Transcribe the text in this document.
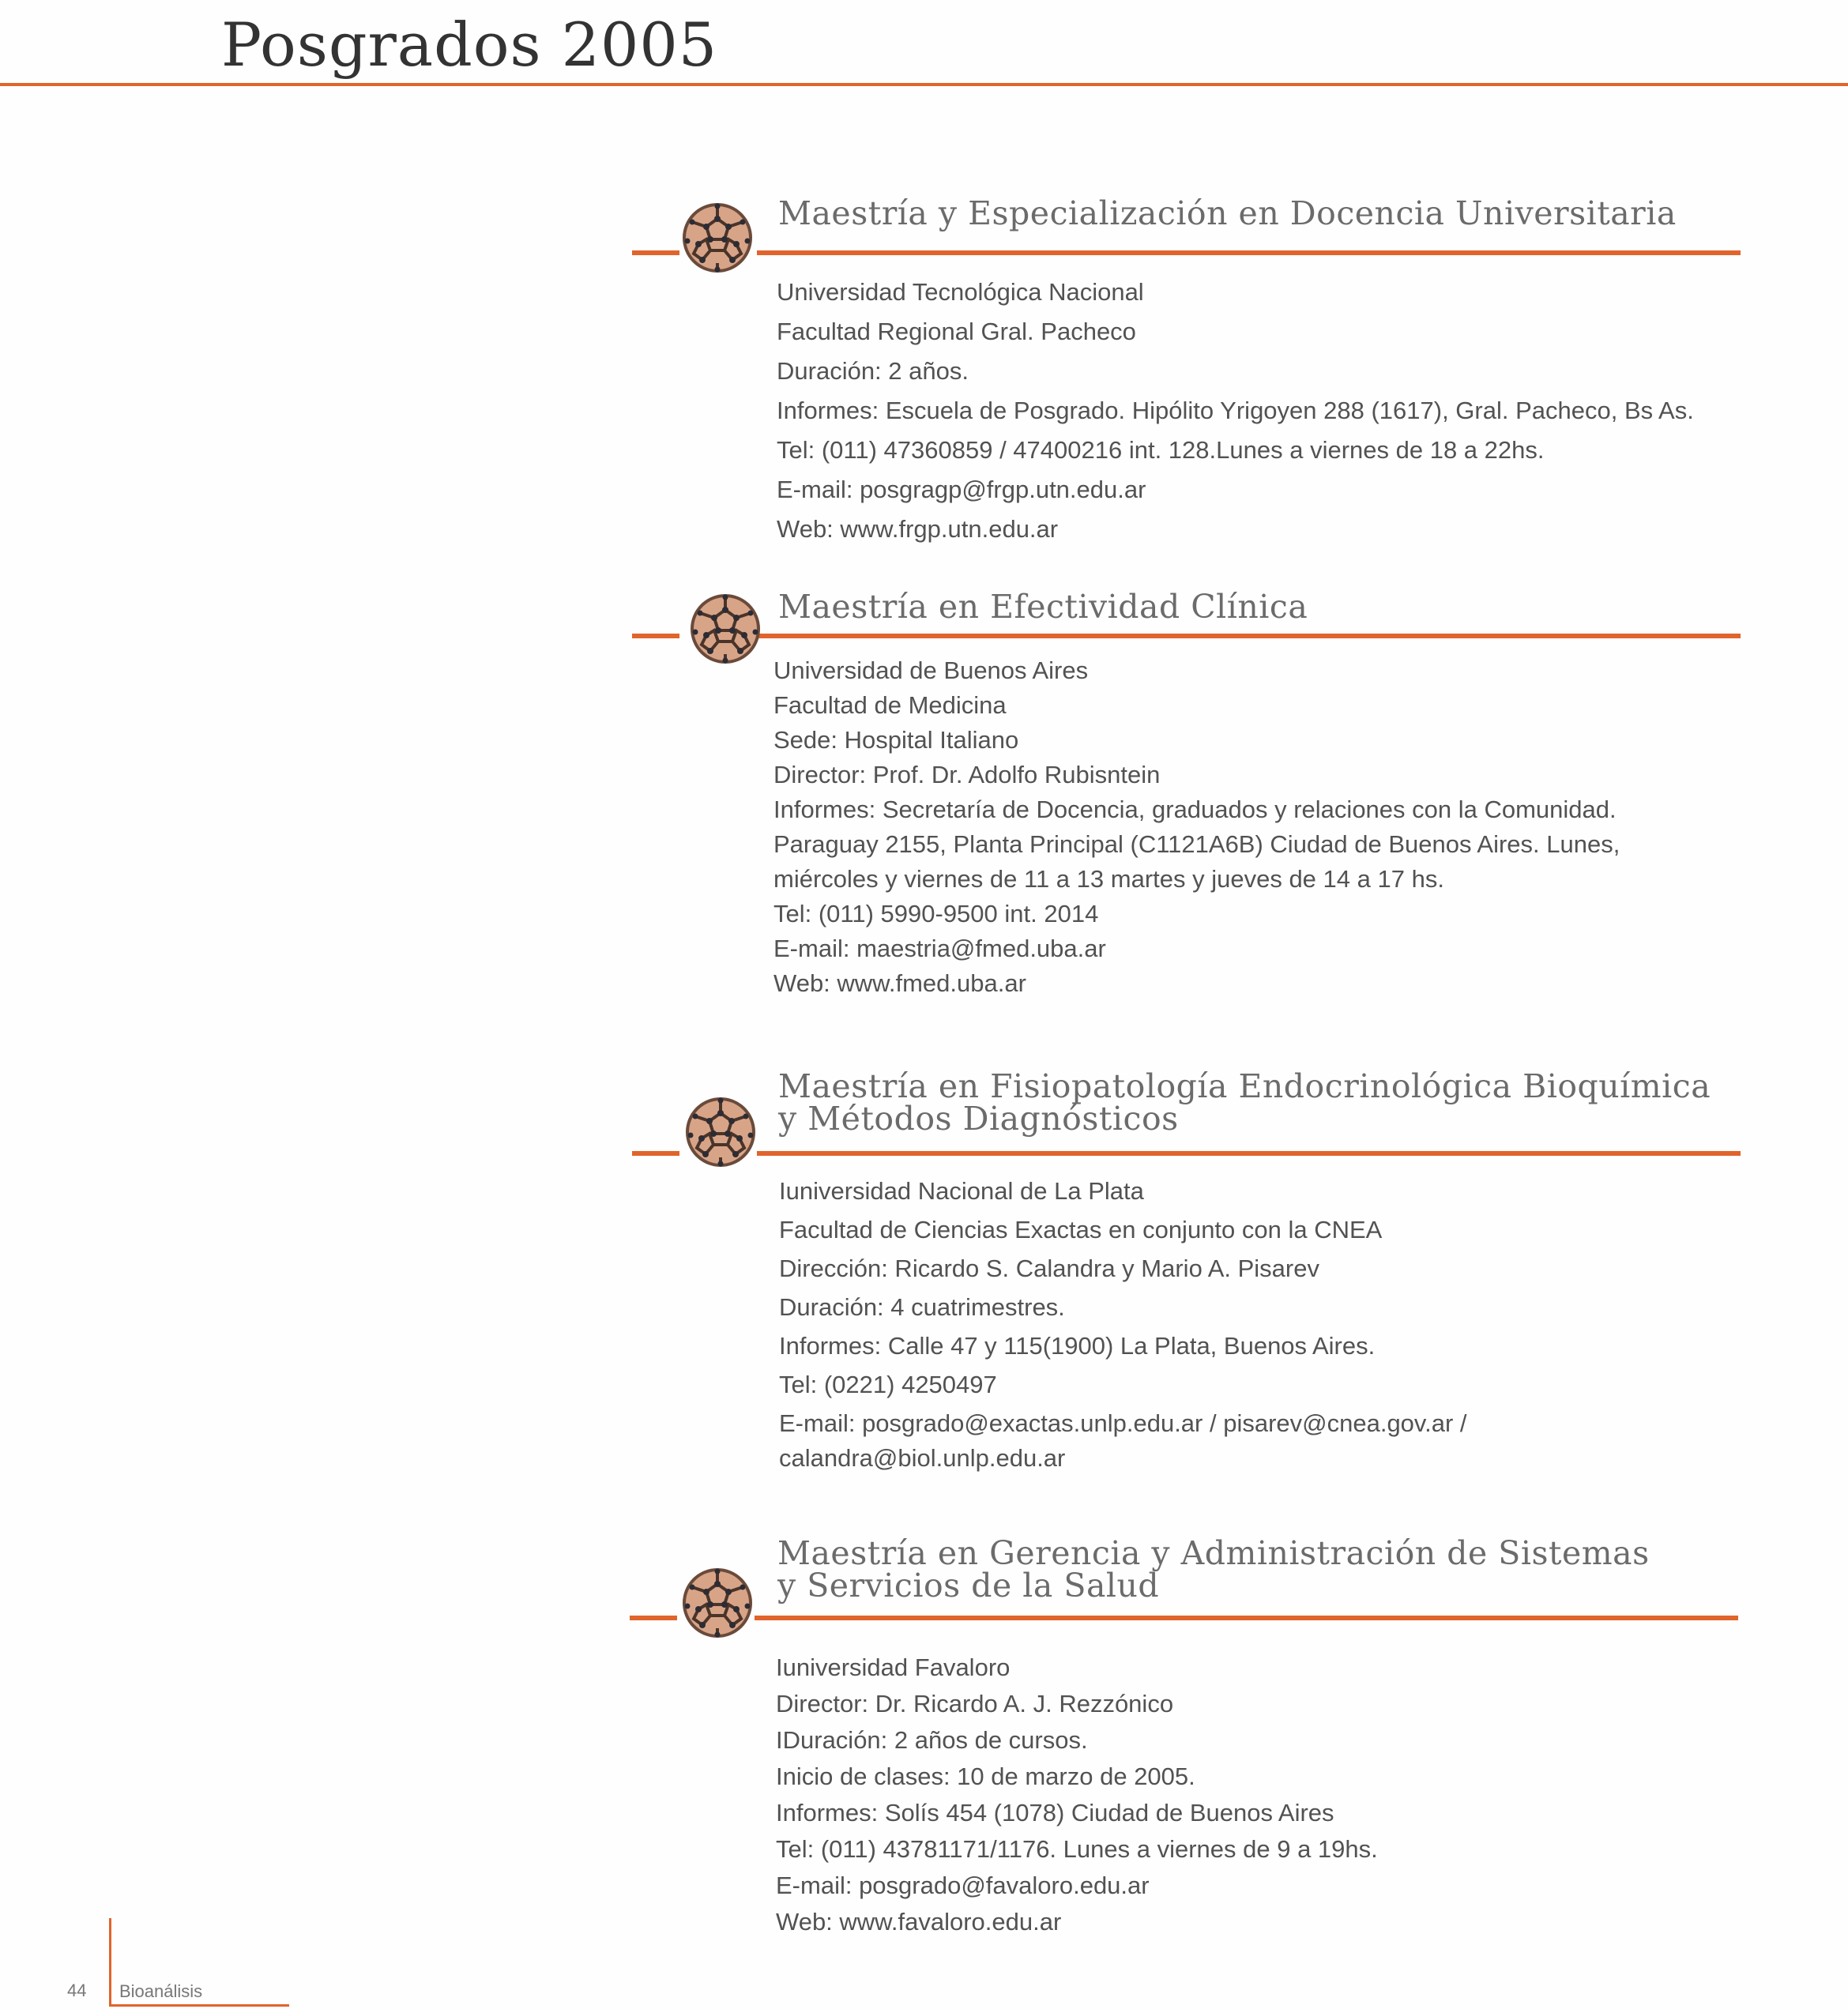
Posgrados 2005
Maestría y Especialización en Docencia Universitaria
Universidad Tecnológica Nacional
Facultad Regional Gral. Pacheco
Duración: 2 años.
Informes: Escuela de Posgrado. Hipólito Yrigoyen 288 (1617), Gral. Pacheco, Bs As.
Tel: (011) 47360859 / 47400216 int. 128.Lunes a viernes de 18 a 22hs.
E-mail: posgragp@frgp.utn.edu.ar
Web: www.frgp.utn.edu.ar
Maestría en Efectividad Clínica
Universidad de Buenos Aires
Facultad de Medicina
Sede: Hospital Italiano
Director: Prof. Dr. Adolfo Rubisntein
Informes: Secretaría de Docencia, graduados y relaciones con la Comunidad.
Paraguay 2155, Planta Principal (C1121A6B) Ciudad de Buenos Aires. Lunes,
miércoles y viernes de 11 a 13 martes y jueves de 14 a 17 hs.
Tel: (011) 5990-9500 int. 2014
E-mail: maestria@fmed.uba.ar
Web: www.fmed.uba.ar
Maestría en Fisiopatología Endocrinológica Bioquímica
y Métodos Diagnósticos
Iuniversidad Nacional de La Plata
Facultad de Ciencias Exactas en conjunto con la CNEA
Dirección: Ricardo S. Calandra y Mario A. Pisarev
Duración: 4 cuatrimestres.
Informes: Calle 47 y 115(1900) La Plata, Buenos Aires.
Tel: (0221) 4250497
E-mail: posgrado@exactas.unlp.edu.ar / pisarev@cnea.gov.ar /
calandra@biol.unlp.edu.ar
Maestría en Gerencia y Administración de Sistemas
y Servicios de la Salud
Iuniversidad Favaloro
Director: Dr. Ricardo A. J. Rezzónico
IDuración: 2 años de cursos.
Inicio de clases: 10 de marzo de 2005.
Informes: Solís 454 (1078) Ciudad de Buenos Aires
Tel: (011) 43781171/1176. Lunes a viernes de 9 a 19hs.
E-mail: posgrado@favaloro.edu.ar
Web: www.favaloro.edu.ar
44 Bioanálisis
